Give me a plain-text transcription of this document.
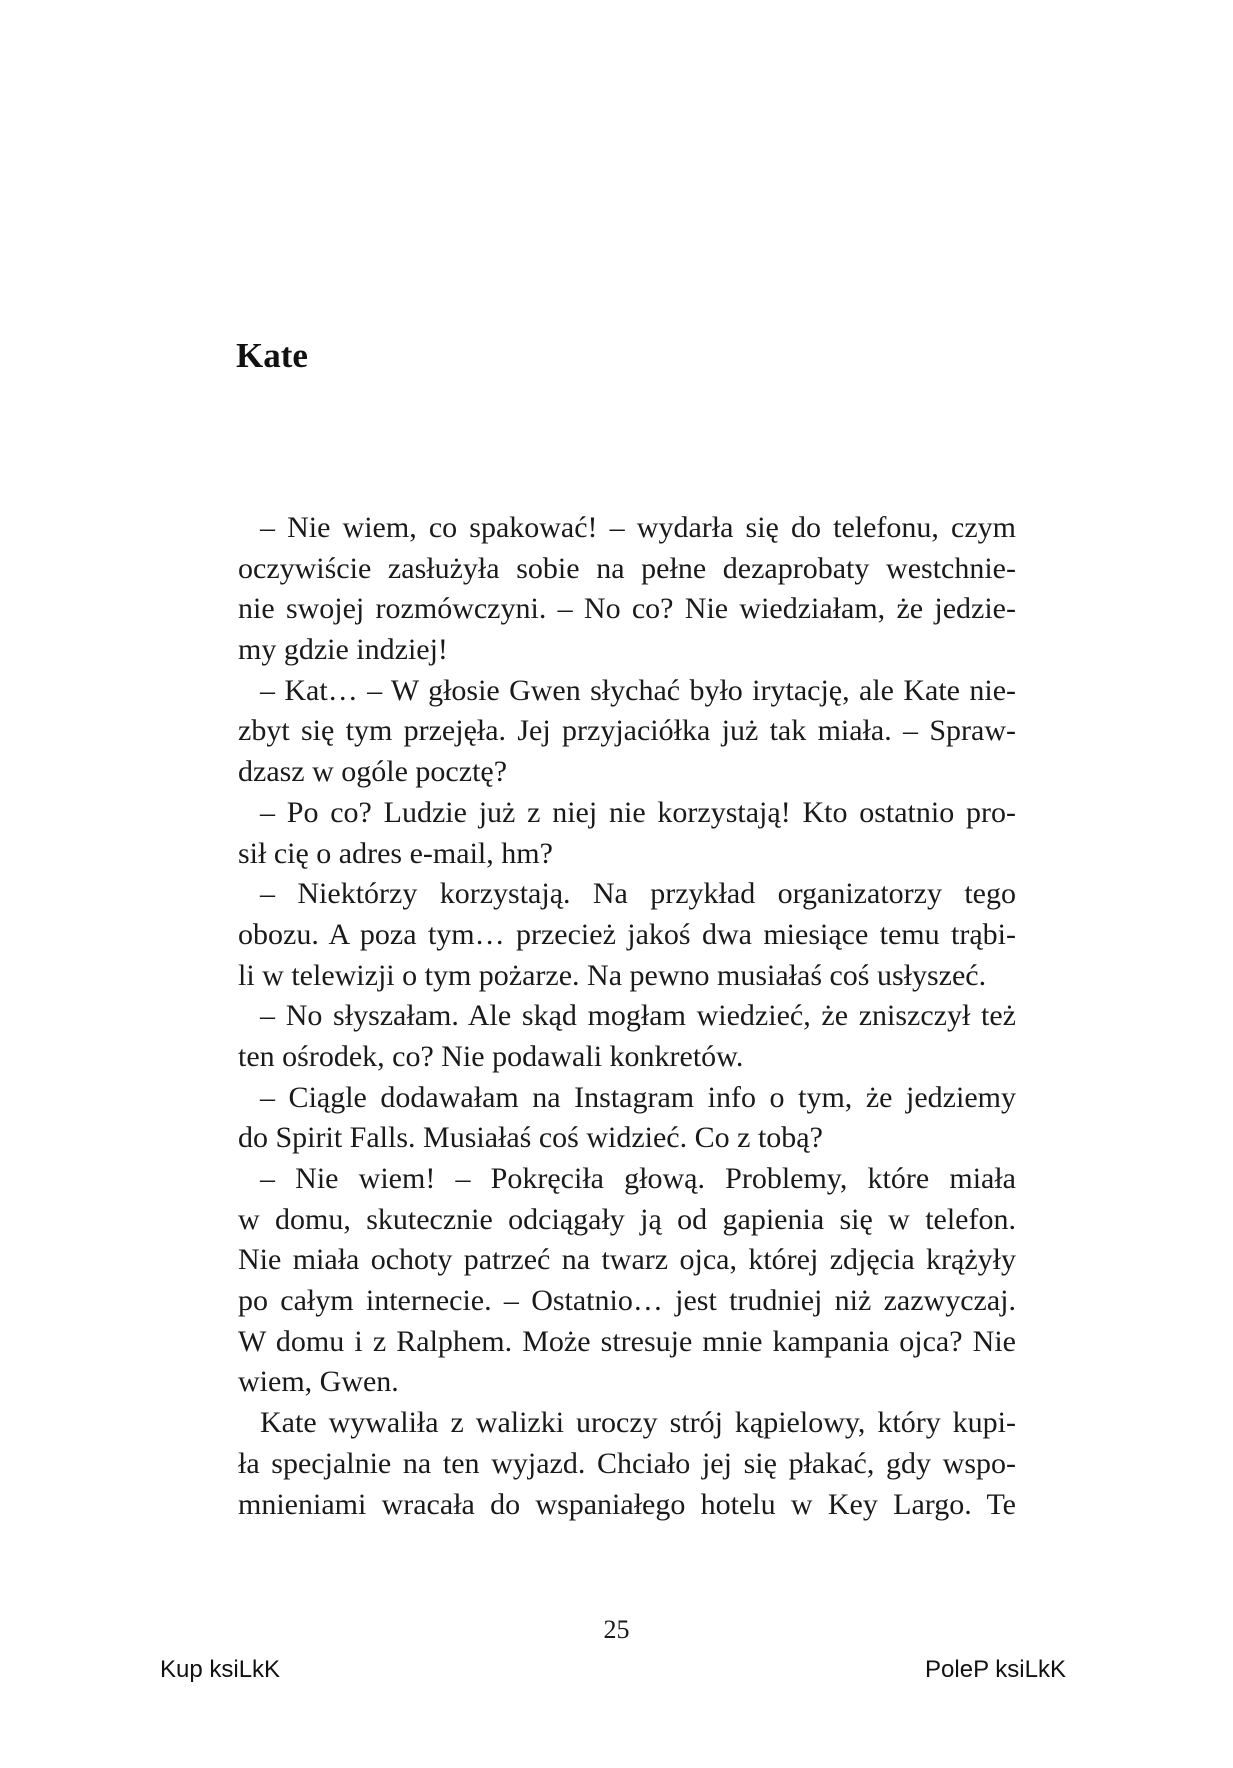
Kate
– Nie wiem, co spakować! – wydarła się do telefonu, czym
oczywiście zasłużyła sobie na pełne dezaprobaty westchnie-
nie swojej rozmówczyni. – No co? Nie wiedziałam, że jedzie-
my gdzie indziej!
– Kat… – W głosie Gwen słychać było irytację, ale Kate nie-
zbyt się tym przejęła. Jej przyjaciółka już tak miała. – Spraw-
dzasz w ogóle pocztę?
– Po co? Ludzie już z niej nie korzystają! Kto ostatnio pro-
sił cię o adres e-mail, hm?
– Niektórzy korzystają. Na przykład organizatorzy tego
obozu. A poza tym… przecież jakoś dwa miesiące temu trąbi-
li w telewizji o tym pożarze. Na pewno musiałaś coś usłyszeć.
– No słyszałam. Ale skąd mogłam wiedzieć, że zniszczył też
ten ośrodek, co? Nie podawali konkretów.
– Ciągle dodawałam na Instagram info o tym, że jedziemy
do Spirit Falls. Musiałaś coś widzieć. Co z tobą?
– Nie wiem! – Pokręciła głową. Problemy, które miała
w domu, skutecznie odciągały ją od gapienia się w telefon.
Nie miała ochoty patrzeć na twarz ojca, której zdjęcia krążyły
po całym internecie. – Ostatnio… jest trudniej niż zazwyczaj.
W domu i z Ralphem. Może stresuje mnie kampania ojca? Nie
wiem, Gwen.
Kate wywaliła z walizki uroczy strój kąpielowy, który kupi-
ła specjalnie na ten wyjazd. Chciało jej się płakać, gdy wspo-
mnieniami wracała do wspaniałego hotelu w Key Largo. Te
25
Kup ksiLkK	PoleP ksiLkK
